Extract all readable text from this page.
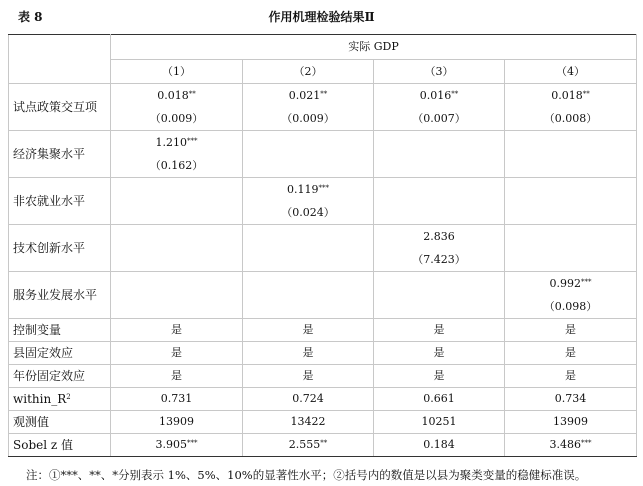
表 8	作用机理检验结果Ⅱ
	实际 GDP			
	（1）	（2）	（3）	（4）
试点政策交互项	0.018**	0.021**	0.016**	0.018**
	（0.009）	（0.009）	（0.007）	（0.008）
经济集聚水平	1.210***			
	（0.162）			
非农就业水平		0.119***		
		（0.024）		
技术创新水平			2.836	
			（7.423）	
服务业发展水平				0.992***
				（0.098）
控制变量	是	是	是	是
县固定效应	是	是	是	是
年份固定效应	是	是	是	是
$within\_R^2$	0.731	0.724	0.661	0.734
观测值	13909	13422	10251	13909
Sobel z 值	3.905***	2.555**	0.184	3.486***
注：①***、**、*分别表示 1%、5%、10%的显著性水平；②括号内的数值是以县为聚类变量的稳健标准误。
